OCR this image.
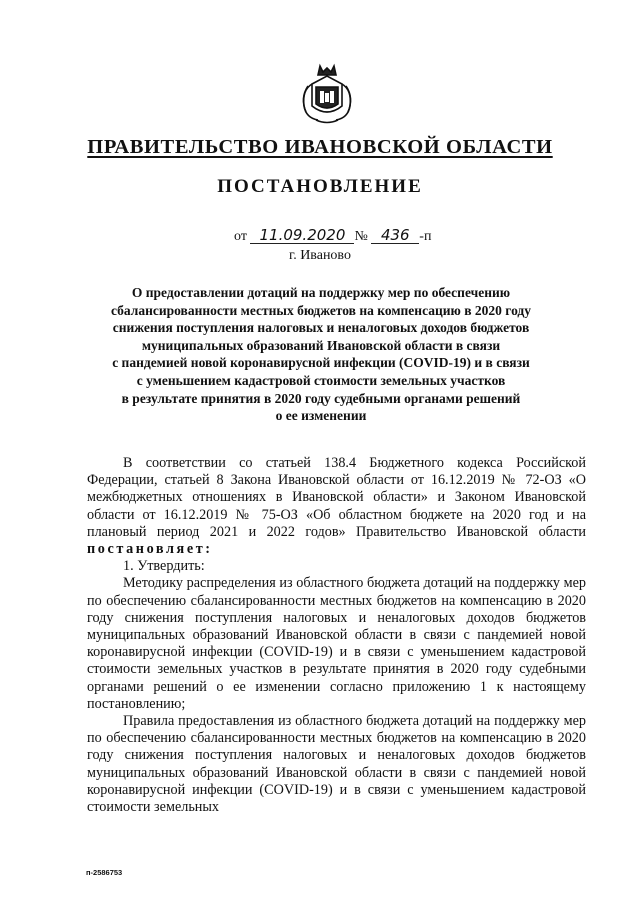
ПРАВИТЕЛЬСТВО ИВАНОВСКОЙ ОБЛАСТИ
ПОСТАНОВЛЕНИЕ
от 11.09.2020 № 436 -п
г. Иваново
О предоставлении дотаций на поддержку мер по обеспечению
сбалансированности местных бюджетов на компенсацию в 2020 году
снижения поступления налоговых и неналоговых доходов бюджетов
муниципальных образований Ивановской области в связи
с пандемией новой коронавирусной инфекции (COVID-19) и в связи
с уменьшением кадастровой стоимости земельных участков
в результате принятия в 2020 году судебными органами решений
о ее изменении

В соответствии со статьей 138.4 Бюджетного кодекса Российской Федерации, статьей 8 Закона Ивановской области от 16.12.2019 № 72-ОЗ «О межбюджетных отношениях в Ивановской области» и Законом Ивановской области от 16.12.2019 № 75-ОЗ «Об областном бюджете на 2020 год и на плановый период 2021 и 2022 годов» Правительство Ивановской области постановляет:

1. Утвердить:

Методику распределения из областного бюджета дотаций на поддержку мер по обеспечению сбалансированности местных бюджетов на компенсацию в 2020 году снижения поступления налоговых и неналоговых доходов бюджетов муниципальных образований Ивановской области в связи с пандемией новой коронавирусной инфекции (COVID-19) и в связи с уменьшением кадастровой стоимости земельных участков в результате принятия в 2020 году судебными органами решений о ее изменении согласно приложению 1 к настоящему постановлению;

Правила предоставления из областного бюджета дотаций на поддержку мер по обеспечению сбалансированности местных бюджетов на компенсацию в 2020 году снижения поступления налоговых и неналоговых доходов бюджетов муниципальных образований Ивановской области в связи с пандемией новой коронавирусной инфекции (COVID-19) и в связи с уменьшением кадастровой стоимости земельных

п-2586753
